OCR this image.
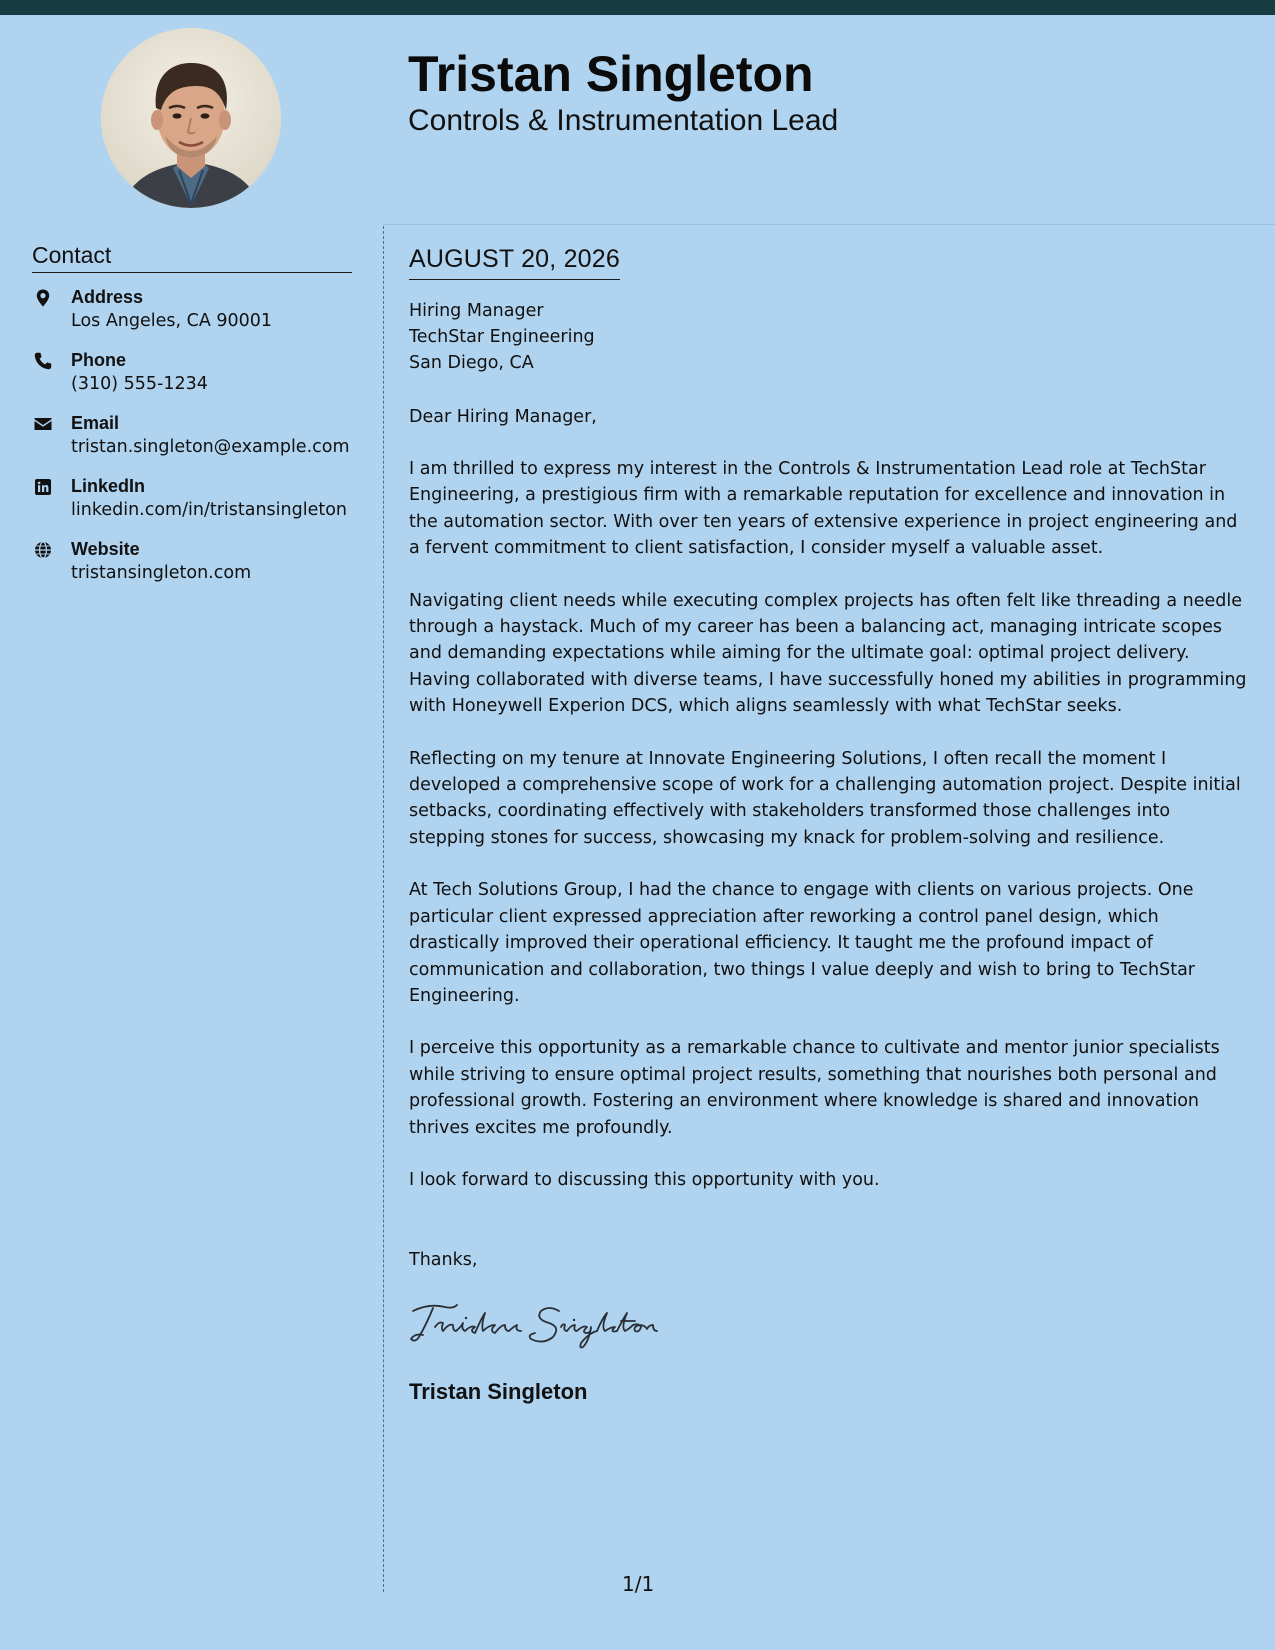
Tristan Singleton
Controls & Instrumentation Lead
Contact
Address
Los Angeles, CA 90001
Phone
(310) 555-1234
Email
tristan.singleton@example.com
LinkedIn
linkedin.com/in/tristansingleton
Website
tristansingleton.com
AUGUST 20, 2026
Hiring Manager
TechStar Engineering
San Diego, CA
Dear Hiring Manager,

I am thrilled to express my interest in the Controls & Instrumentation Lead role at TechStar Engineering, a prestigious firm with a remarkable reputation for excellence and innovation in the automation sector. With over ten years of extensive experience in project engineering and a fervent commitment to client satisfaction, I consider myself a valuable asset.

Navigating client needs while executing complex projects has often felt like threading a needle through a haystack. Much of my career has been a balancing act, managing intricate scopes and demanding expectations while aiming for the ultimate goal: optimal project delivery. Having collaborated with diverse teams, I have successfully honed my abilities in programming with Honeywell Experion DCS, which aligns seamlessly with what TechStar seeks.

Reflecting on my tenure at Innovate Engineering Solutions, I often recall the moment I developed a comprehensive scope of work for a challenging automation project. Despite initial setbacks, coordinating effectively with stakeholders transformed those challenges into stepping stones for success, showcasing my knack for problem-solving and resilience.

At Tech Solutions Group, I had the chance to engage with clients on various projects. One particular client expressed appreciation after reworking a control panel design, which drastically improved their operational efficiency. It taught me the profound impact of communication and collaboration, two things I value deeply and wish to bring to TechStar Engineering.

I perceive this opportunity as a remarkable chance to cultivate and mentor junior specialists while striving to ensure optimal project results, something that nourishes both personal and professional growth. Fostering an environment where knowledge is shared and innovation thrives excites me profoundly.

I look forward to discussing this opportunity with you.
Thanks,
Tristan Singleton
1/1
